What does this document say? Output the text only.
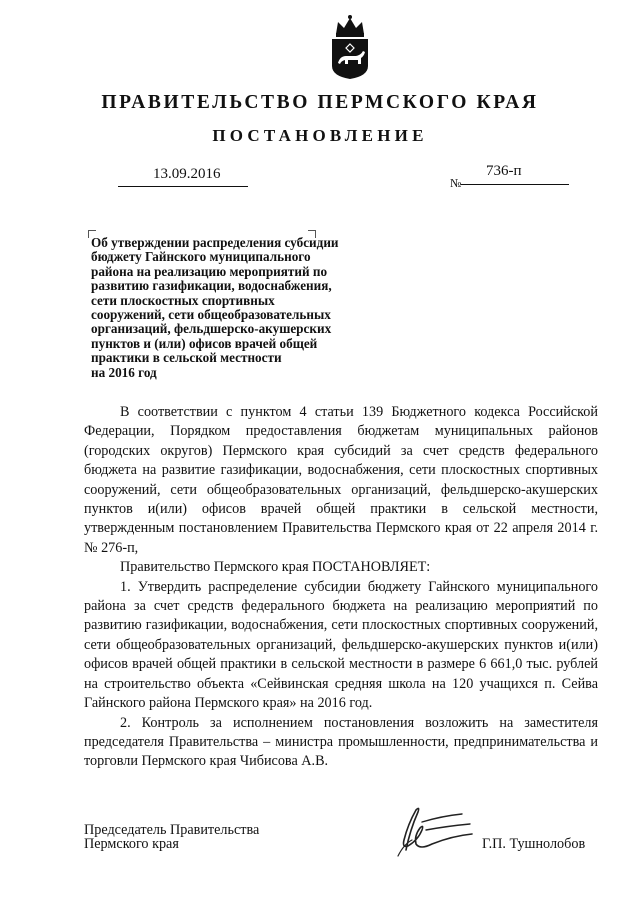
ПРАВИТЕЛЬСТВО ПЕРМСКОГО КРАЯ
ПОСТАНОВЛЕНИЕ
13.09.2016
№
736-п
Об утверждении распределения субсидии
бюджету Гайнского муниципального
района на реализацию мероприятий по
развитию газификации, водоснабжения,
сети плоскостных спортивных
сооружений, сети общеобразовательных
организаций, фельдшерско-акушерских
пунктов и (или) офисов врачей общей
практики в сельской местности
на 2016 год

В соответствии с пунктом 4 статьи 139 Бюджетного кодекса Российской Федерации, Порядком предоставления бюджетам муниципальных районов (городских округов) Пермского края субсидий за счет средств федерального бюджета на развитие газификации, водоснабжения, сети плоскостных спортивных сооружений, сети общеобразовательных организаций, фельдшерско-акушерских пунктов и(или) офисов врачей общей практики в сельской местности, утвержденным постановлением Правительства Пермского края от 22 апреля 2014 г. № 276-п,

Правительство Пермского края ПОСТАНОВЛЯЕТ:

1. Утвердить распределение субсидии бюджету Гайнского муниципального района за счет средств федерального бюджета на реализацию мероприятий по развитию газификации, водоснабжения, сети плоскостных спортивных сооружений, сети общеобразовательных организаций, фельдшерско-акушерских пунктов и(или) офисов врачей общей практики в сельской местности в размере 6 661,0 тыс. рублей на строительство объекта «Сейвинская средняя школа на 120 учащихся п. Сейва Гайнского района Пермского края» на 2016 год.

2. Контроль за исполнением постановления возложить на заместителя председателя Правительства – министра промышленности, предпринимательства и торговли Пермского края Чибисова А.В.

Председатель Правительства
Пермского края	Г.П. Тушнолобов
